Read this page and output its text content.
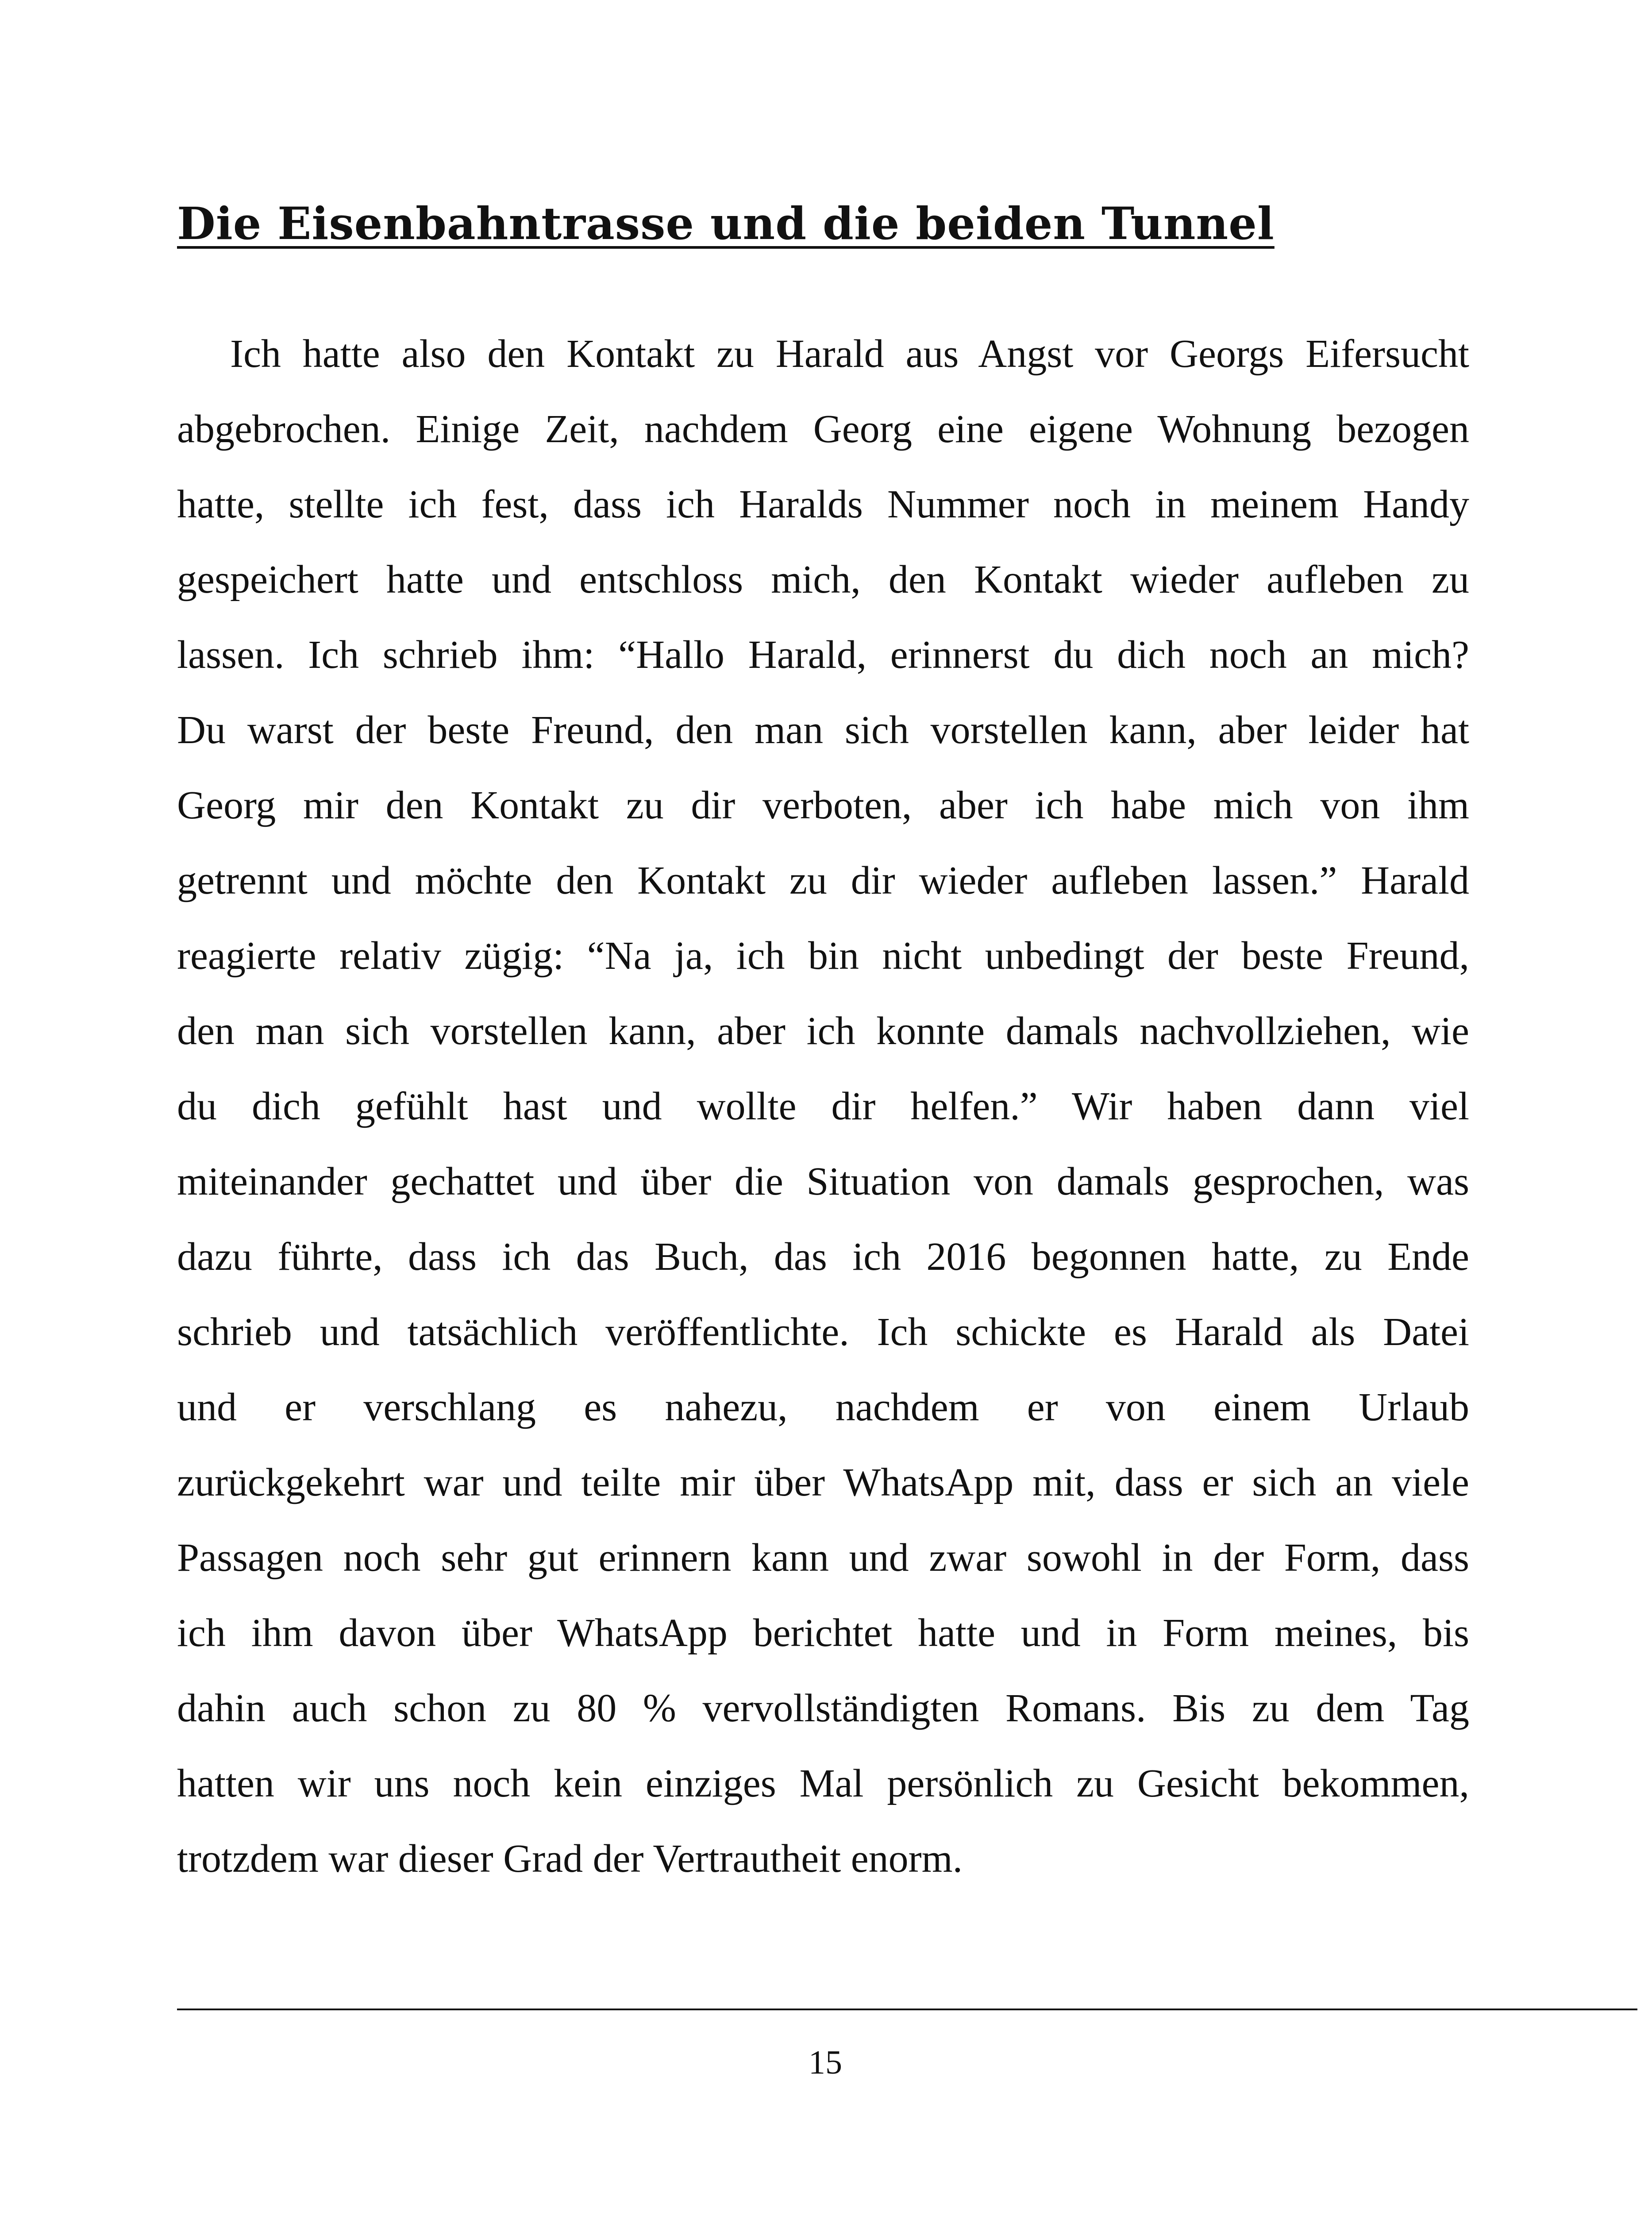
Die Eisenbahntrasse und die beiden Tunnel
Ich hatte also den Kontakt zu Harald aus Angst vor Georgs Eifersucht
abgebrochen. Einige Zeit, nachdem Georg eine eigene Wohnung bezogen
hatte, stellte ich fest, dass ich Haralds Nummer noch in meinem Handy
gespeichert hatte und entschloss mich, den Kontakt wieder aufleben zu
lassen. Ich schrieb ihm: “Hallo Harald, erinnerst du dich noch an mich?
Du warst der beste Freund, den man sich vorstellen kann, aber leider hat
Georg mir den Kontakt zu dir verboten, aber ich habe mich von ihm
getrennt und möchte den Kontakt zu dir wieder aufleben lassen.” Harald
reagierte relativ zügig: “Na ja, ich bin nicht unbedingt der beste Freund,
den man sich vorstellen kann, aber ich konnte damals nachvollziehen, wie
du dich gefühlt hast und wollte dir helfen.” Wir haben dann viel
miteinander gechattet und über die Situation von damals gesprochen, was
dazu führte, dass ich das Buch, das ich 2016 begonnen hatte, zu Ende
schrieb und tatsächlich veröffentlichte. Ich schickte es Harald als Datei
und er verschlang es nahezu, nachdem er von einem Urlaub
zurückgekehrt war und teilte mir über WhatsApp mit, dass er sich an viele
Passagen noch sehr gut erinnern kann und zwar sowohl in der Form, dass
ich ihm davon über WhatsApp berichtet hatte und in Form meines, bis
dahin auch schon zu 80 % vervollständigten Romans. Bis zu dem Tag
hatten wir uns noch kein einziges Mal persönlich zu Gesicht bekommen,
trotzdem war dieser Grad der Vertrautheit enorm.
15
